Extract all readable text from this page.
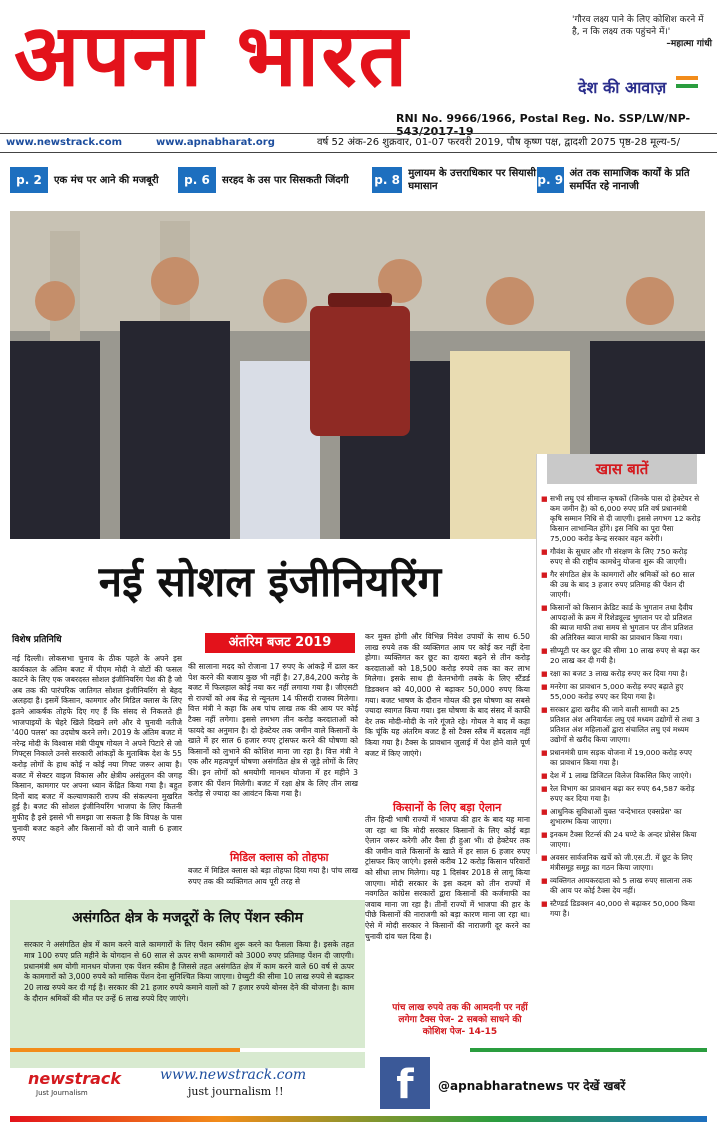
अपना भारत	'गौरव लक्ष्य पाने के लिए कोशिश करने में है, न कि लक्ष्य तक पहुंचने में।'
–महात्मा गांधी
देश की आवाज़
RNI No. 9966/1966, Postal Reg. No. SSP/LW/NP-543/2017-19
www.newstrack.com	www.apnabharat.org	वर्ष 52 अंक-26 शुक्रवार, 01-07 फरवरी 2019, पौष कृष्ण पक्ष, द्वादशी 2075 पृष्ठ-28 मूल्य-5/
p. 2	एक मंच पर आने की मजबूरी	p. 6	सरहद के उस पार सिसकती जिंदगी	p. 8 मुलायम के उत्तराधिकार पर सियासी घमासान	p. 9 अंत तक सामाजिक कार्यों के प्रति समर्पित रहे नानाजी
नई सोशल इंजीनियरिंग
खास बातें
■ सभी लघु एवं सीमान्त कृषकों (जिनके पास दो हेक्टेयर से कम जमीन है) को 6,000 रुपए प्रति वर्ष प्रधानमंत्री कृषि सम्मान निधि से दी जाएगी। इससे लगभग 12 करोड़ किसान लाभान्वित होंगे। इस निधि का पूरा पैसा 75,000 करोड़ केन्द्र सरकार वहन करेगी।
■ गौवंश के सुधार और गौ संरक्षण के लिए 750 करोड़ रुपए से की राष्ट्रीय कामधेनु योजना शुरू की जाएगी।
■ गैर संगठित क्षेत्र के कामगारों और श्रमिकों को 60 साल की उम्र के बाद 3 हजार रुपए प्रतिमाह की पेंशन दी जाएगी।
■ किसानों को किसान क्रेडिट कार्ड के भुगतान तथा दैवीय आपदाओं के क्रम में रिशेड्यूल्ड भुगतान पर दो प्रतिशत की ब्याज माफी तथा समय से भुगतान पर तीन प्रतिशत की अतिरिक्त ब्याज माफी का प्रावधान किया गया।
■ सीप्यूटी पर कर छूट की सीमा 10 लाख रुपए से बढ़ा कर 20 लाख कर दी गयी है।
■ रक्षा का बजट 3 लाख करोड़ रुपए कर दिया गया है।
■ मनरेगा का प्रावधान 5,000 करोड़ रुपए बढ़ाते हुए 55,000 करोड़ रुपए कर दिया गया है।
■ सरकार द्वारा खरीद की जाने वाली सामग्री का 25 प्रतिशत अंश अनिवार्यतः लघु एवं मध्यम उद्योगों से तथा 3 प्रतिशत अंश महिलाओं द्वारा संचालित लघु एवं मध्यम उद्योगों से खरीद किया जाएगा।
■ प्रधानमंत्री ग्राम सड़क योजना में 19,000 करोड़ रुपए का प्रावधान किया गया है।
■ देश में 1 लाख डिजिटल विलेज विकसित किए जाएंगे।
■ रेल विभाग का प्रावधान बढ़ा कर रुपए 64,587 करोड़ रुपए कर दिया गया है।
■ आधुनिक सुविधाओं युक्त 'वन्देभारत एक्सप्रेस' का शुभारम्भ किया जाएगा।
■ इनकम टैक्स रिटर्न्स की 24 घण्टे के अन्दर प्रोसेस किया जाएगा।
■ अवसर सार्वजनिक खर्चे को जी.एस.टी. में छूट के लिए मंत्रीसमूह समूह का गठन किया जाएगा।
■ व्यक्तिगत आयकरदाता को 5 लाख रुपए सालाना तक की आय पर कोई टैक्स देय नहीं।
■ स्टैण्डर्ड डिडक्शन 40,000 से बढ़ाकर 50,000 किया गया है।
विशेष प्रतिनिधि
नई दिल्ली। लोकसभा चुनाव के ठीक पहले के अपने इस कार्यकाल के अंतिम बजट में पीएम मोदी ने वोटों की फसल काटने के लिए एक जबरदस्त सोशल इंजीनियरिंग पेश की है जो अब तक की पारंपरिक जातिगत सोशल इंजीनियरिंग से बेहद अलहदा है। इसमें किसान, कामगार और मिडिल क्लास के लिए इतने आकर्षक तोहफे दिए गए हैं कि संसद से निकलते ही भाजपाइयों के चेहरे खिले दिखने लगे और ये चुनावी नतीजे '400 पलस' का उदघोष करने लगे। 2019 के अंतिम बजट में नरेन्द्र मोदी के विश्वास मंत्री पीयूष गोयल ने अपने पिटारे से जो गिफ्ट्स निकाले उनसे सरकारी आंकड़ों के मुताबिक देश के 55 करोड़ लोगों के हाथ कोई न कोई नया गिफ्ट जरूर आया है। बजट में सेक्टर वाइज विकास और क्षेत्रीय असंतुलन की जगह किसान, कामगार पर अपना ध्यान केंद्रित किया गया है। बहुत दिनों बाद बजट में कल्याणकारी राज्य की संकल्पना मुखरित हुई है। बजट की सोशल इंजीनियरिंग भाजपा के लिए कितनी मुफीद है इसे इससे भी समझा जा सकता है कि विपक्ष के पास चुनावी बजट कहने और किसानों को दी जाने वाली 6 हजार रुपए
अंतरिम बजट 2019
की सालाना मदद को रोजाना 17 रुपए के आंकड़े में ढाल कर पेश करने की बजाय कुछ भी नहीं है। 27,84,200 करोड़ के बजट में फिलहाल कोई नया कर नहीं लगाया गया है। जीएसटी से राज्यों को अब केंद्र से न्यूनतम 14 फीसदी राजस्व मिलेगा। वित्त मंत्री ने कहा कि अब पांच लाख तक की आय पर कोई टैक्स नहीं लगेगा। इससे लगभग तीन करोड़ करदाताओं को फायदे का अनुमान है। दो हेक्टेयर तक जमीन वाले किसानों के खाते में हर साल 6 हजार रुपए ट्रांसफर करने की घोषणा को किसानों को लुभाने की कोशिश माना जा रहा है। वित्त मंत्री ने एक और महत्वपूर्ण घोषणा असंगठित क्षेत्र से जुड़े लोगों के लिए की। इन लोगों को श्रमयोगी मानधन योजना में हर महीने 3 हजार की पेंशन मिलेगी। बजट में रक्षा क्षेत्र के लिए तीन लाख करोड़ से ज्यादा का आवंटन किया गया है।
मिडिल क्लास को तोहफा
बजट में मिडिल क्लास को बड़ा तोहफा दिया गया है। पांच लाख रुपए तक की व्यक्तिगत आय पूरी तरह से
कर मुक्त होगी और विभिन्न निवेश उपायों के साथ 6.50 लाख रुपये तक की व्यक्तिगत आय पर कोई कर नहीं देना होगा। व्यक्तिगत कर छूट का दायरा बढ़ने से तीन करोड़ करदाताओं को 18,500 करोड़ रुपये तक का कर लाभ मिलेगा। इसके साथ ही वेतनभोगी तबके के लिए स्टैंडर्ड डिडक्शन को 40,000 से बढ़ाकर 50,000 रुपए किया गया। बजट भाषण के दौरान गोयल की इस घोषणा का सबसे ज्यादा स्वागत किया गया। इस घोषणा के बाद संसद में काफी देर तक मोदी-मोदी के नारे गूंजते रहे। गोयल ने बाद में कहा कि चूंकि यह अंतरिम बजट है सो टैक्स स्लैब में बदलाव नहीं किया गया है। टैक्स के प्रावधान जुलाई में पेश होने वाले पूर्ण बजट में किए जाएंगे।
किसानों के लिए बड़ा ऐलान
तीन हिन्दी भाषी राज्यों में भाजपा की हार के बाद यह माना जा रहा था कि मोदी सरकार किसानों के लिए कोई बड़ा ऐलान जरूर करेगी और वैसा ही हुआ भी। दो हेक्टेयर तक की जमीन वाले किसानों के खाते में हर साल 6 हजार रुपए ट्रांसफर किए जाएंगे। इससे करीब 12 करोड़ किसान परिवारों को सीधा लाभ मिलेगा। यह 1 दिसंबर 2018 से लागू किया जाएगा। मोदी सरकार के इस कदम को तीन राज्यों में नवगठित कांग्रेस सरकारों द्वारा किसानों की कर्जमाफी का जवाब माना जा रहा है। तीनों राज्यों में भाजपा की हार के पीछे किसानों की नाराजगी को बड़ा कारण माना जा रहा था। ऐसे में मोदी सरकार ने किसानों की नाराजगी दूर करने का चुनावी दांव चल दिया है।
पांच लाख रुपये तक की आमदनी पर नहीं लगेगा टैक्स पेज- 2 सबको साधने की कोशिश पेज- 14-15
असंगठित क्षेत्र के मजदूरों के लिए पेंशन स्कीम
सरकार ने असंगठित क्षेत्र में काम करने वाले कामगारों के लिए पेंशन स्कीम शुरू करने का फैसला किया है। इसके तहत मात्र 100 रुपए प्रति महीने के योगदान से 60 साल से ऊपर सभी कामगारों को 3000 रुपए प्रतिमाह पेंशन दी जाएगी। प्रधानमंत्री श्रम योगी मानधन योजना एक पेंशन स्कीम है जिससे तहत असंगठित क्षेत्र में काम करने वाले 60 वर्ष से ऊपर के कामगारों को 3,000 रुपये को मासिक पेंशन देना सुनिश्चित किया जाएगा। ग्रेच्युटी की सीमा 10 लाख रुपये से बढ़ाकर 20 लाख रुपये कर दी गई है। सरकार की 21 हजार रुपये कमाने वालों को 7 हजार रुपये बोनस देने की योजना है। काम के दौरान श्रमिकों की मौत पर उन्हें 6 लाख रुपये दिए जाएंगे।
newstrack
Just Journalism
www.newstrack.com
just journalism !!	f	@apnabharatnews पर देखें खबरें
